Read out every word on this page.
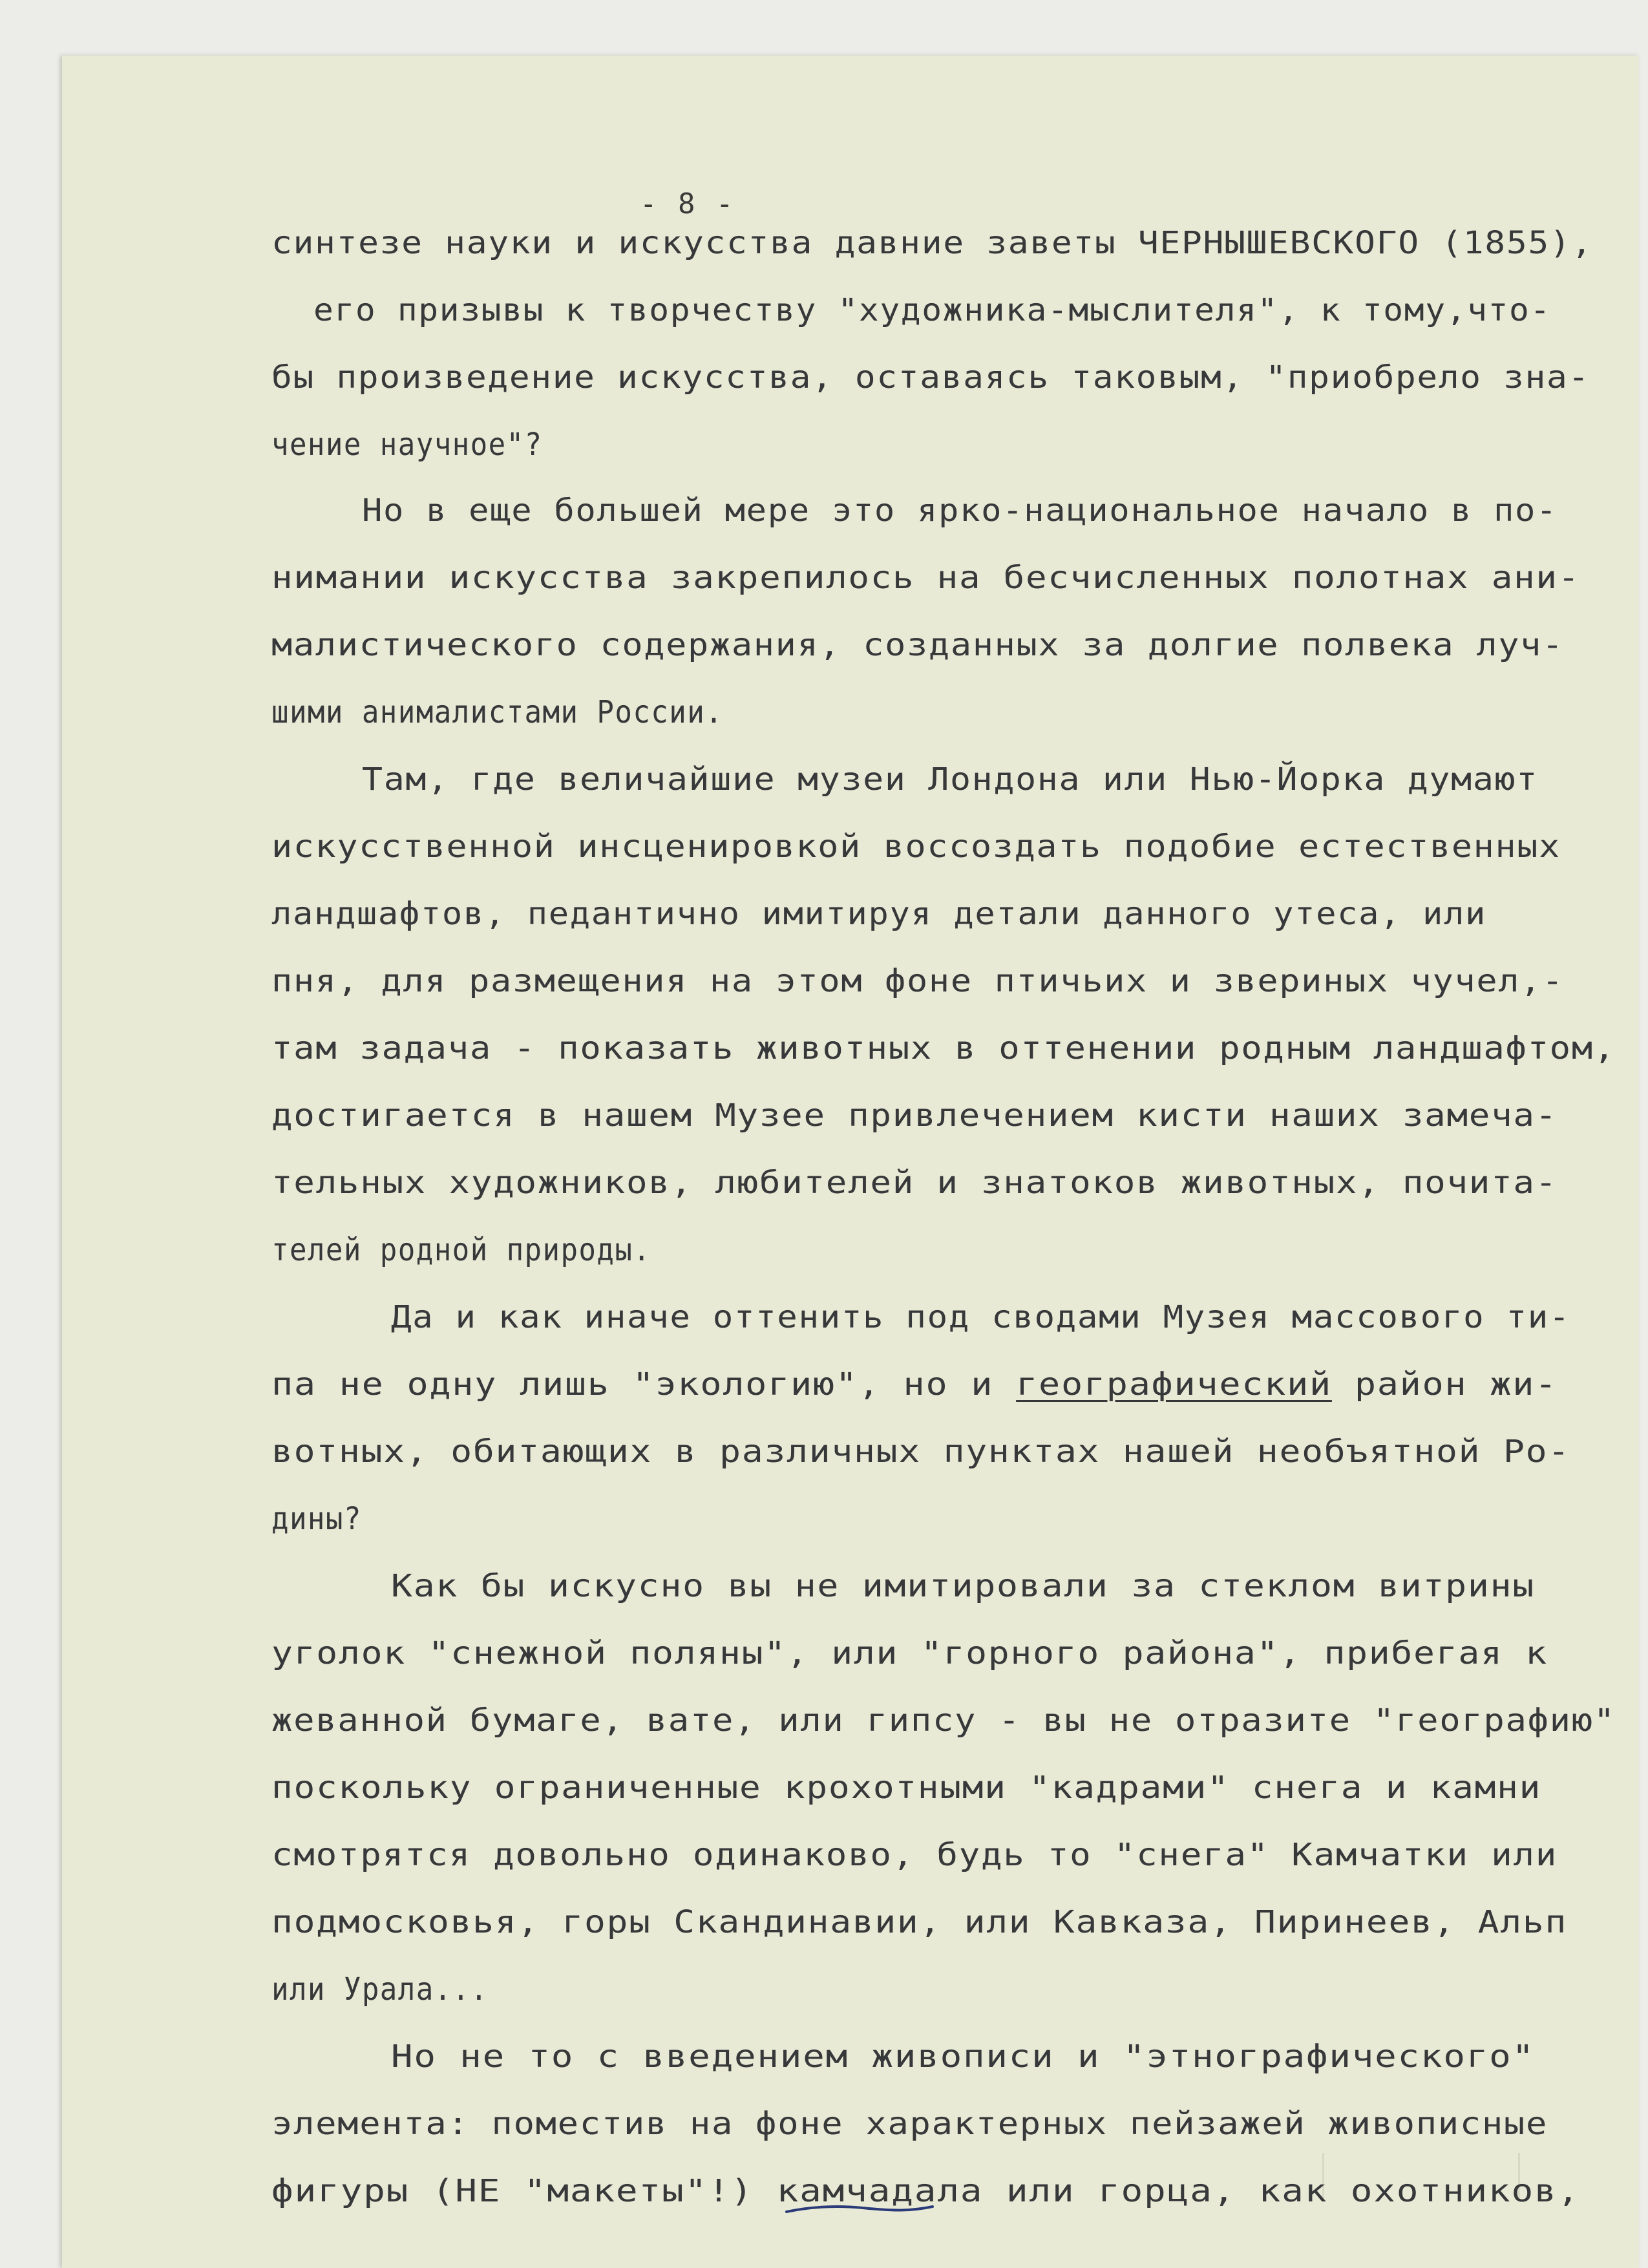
- 8 -
синтезе науки и искусства давние заветы ЧЕРНЫШЕВСКОГО (1855),
его призывы к творчеству "художника-мыслителя", к тому,что-
бы произведение искусства, оставаясь таковым, "приобрело зна-
чение научное"?
Но в еще большей мере это ярко-национальное начало в по-
нимании искусства закрепилось на бесчисленных полотнах ани-
малистического содержания, созданных за долгие полвека луч-
шими анималистами России.
Там, где величайшие музеи Лондона или Нью-Йорка думают
искусственной инсценировкой воссоздать подобие естественных
ландшафтов, педантично имитируя детали данного утеса, или
пня, для размещения на этом фоне птичьих и звериных чучел,-
там задача - показать животных в оттенении родным ландшафтом,
достигается в нашем Музее привлечением кисти наших замеча-
тельных художников, любителей и знатоков животных, почита-
телей родной природы.
Да и как иначе оттенить под сводами Музея массового ти-
па не одну лишь "экологию", но и географический район жи-
вотных, обитающих в различных пунктах нашей необъятной Ро-
дины?
Как бы искусно вы не имитировали за стеклом витрины
уголок "снежной поляны", или "горного района", прибегая к
жеванной бумаге, вате, или гипсу - вы не отразите "географию"
поскольку ограниченные крохотными "кадрами" снега и камни
смотрятся довольно одинаково, будь то "снега" Камчатки или
подмосковья, горы Скандинавии, или Кавказа, Пиринеев, Альп
или Урала...
Но не то с введением живописи и "этнографического"
элемента: поместив на фоне характерных пейзажей живописные
фигуры (НЕ "макеты"!) камчадала или горца, как охотников,
